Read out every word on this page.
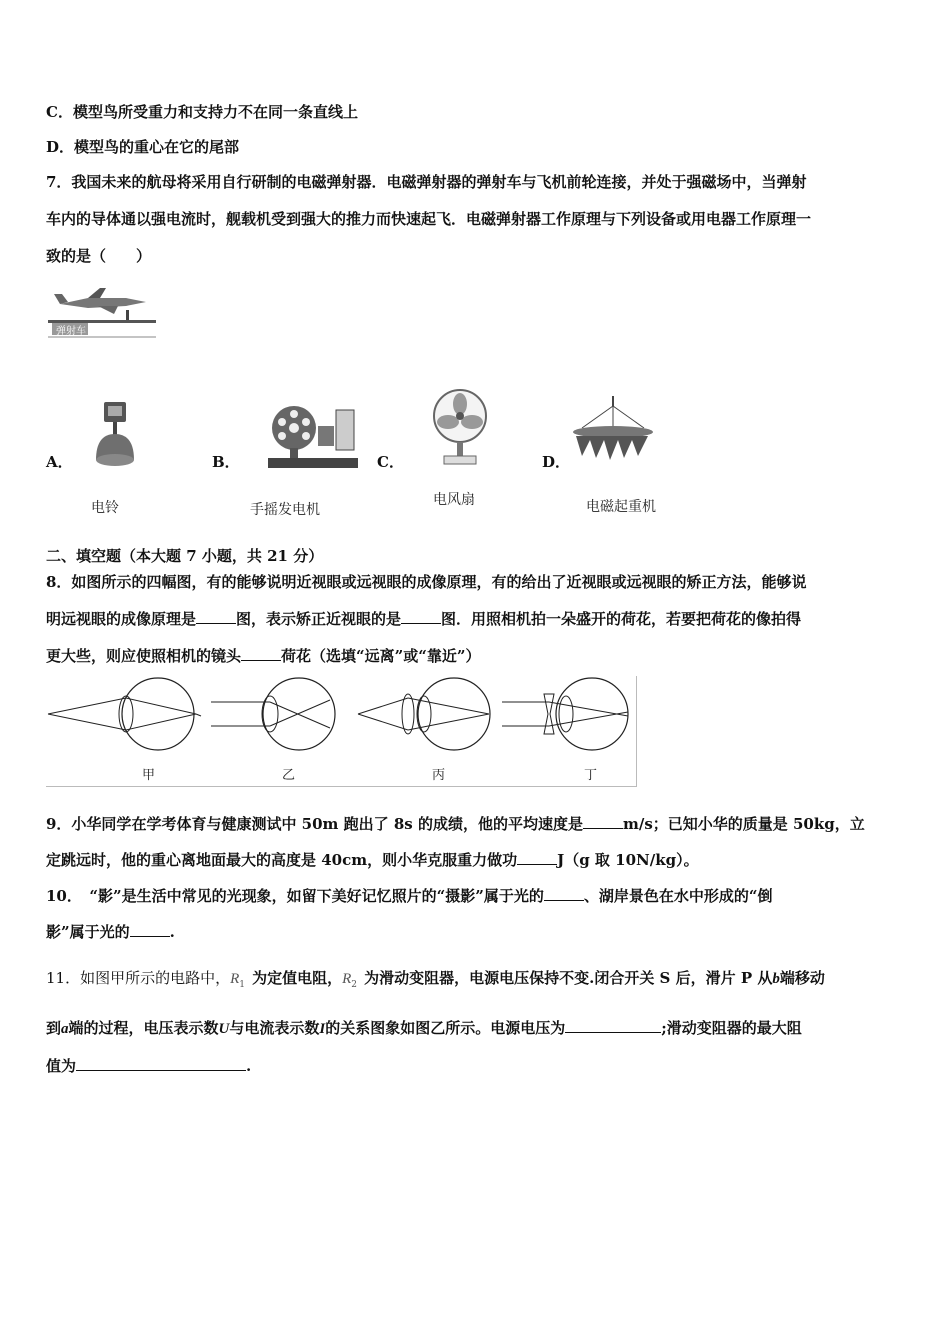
C．模型鸟所受重力和支持力不在同一条直线上
D．模型鸟的重心在它的尾部
7．我国未来的航母将采用自行研制的电磁弹射器．电磁弹射器的弹射车与飞机前轮连接，并处于强磁场中，当弹射
车内的导体通以强电流时，舰载机受到强大的推力而快速起飞．电磁弹射器工作原理与下列设备或用电器工作原理一
致的是（　　）
弹射车
A．
电铃
B．
手摇发电机
C．
电风扇
D．
电磁起重机
二、填空题（本大题 7 小题，共 21 分）
8．如图所示的四幅图，有的能够说明近视眼或远视眼的成像原理，有的给出了近视眼或远视眼的矫正方法，能够说
明远视眼的成像原理是	图，表示矫正近视眼的是	图．用照相机拍一朵盛开的荷花，若要把荷花的像拍得
更大些，则应使照相机的镜头	荷花（选填“远离”或“靠近”）
甲	乙	丙	丁
9．小华同学在学考体育与健康测试中 50m 跑出了 8s 的成绩，他的平均速度是	m/s；已知小华的质量是 50kg，立
定跳远时，他的重心离地面最大的高度是 40cm，则小华克服重力做功	J（g 取 10N/kg）。
10．　“影”是生活中常见的光现象，如留下美好记忆照片的“摄影”属于光的	、湖岸景色在水中形成的“倒
影”属于光的	.
11．如图甲所示的电路中，$R_1$ 为定值电阻，$R_2$ 为滑动变阻器，电源电压保持不变.闭合开关 S 后，滑片 P 从b端移动
到a端的过程，电压表示数U与电流表示数I的关系图象如图乙所示。电源电压为	;滑动变阻器的最大阻
值为	.
